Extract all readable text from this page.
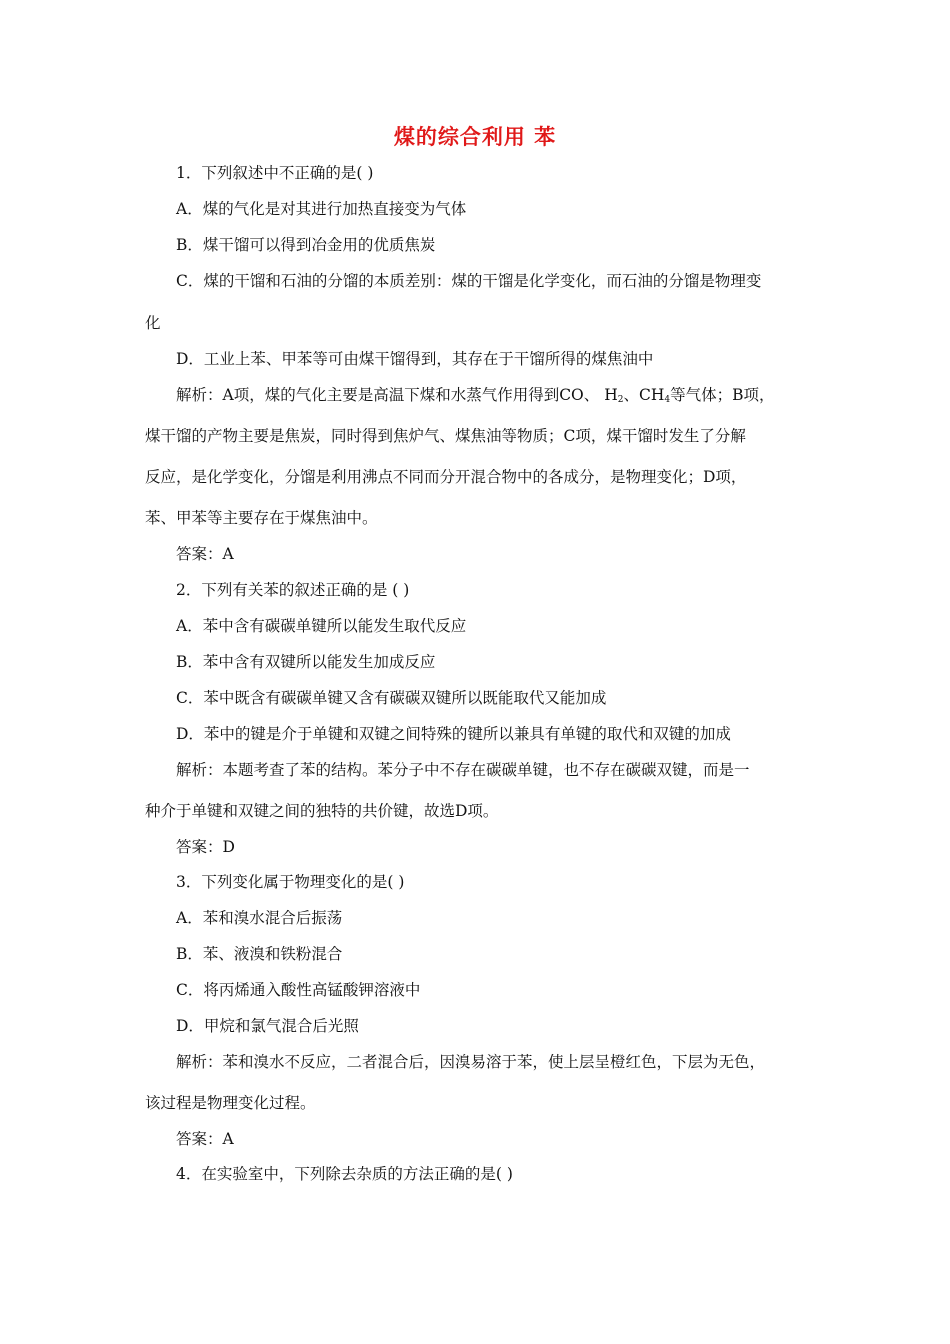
煤的综合利用 苯
1．下列叙述中不正确的是( )
A．煤的气化是对其进行加热直接变为气体
B．煤干馏可以得到冶金用的优质焦炭
C．煤的干馏和石油的分馏的本质差别：煤的干馏是化学变化，而石油的分馏是物理变
化
D．工业上苯、甲苯等可由煤干馏得到，其存在于干馏所得的煤焦油中
解析：A项，煤的气化主要是高温下煤和水蒸气作用得到CO、 $H_2$、$CH_4$等气体；B项，
煤干馏的产物主要是焦炭，同时得到焦炉气、煤焦油等物质；C项，煤干馏时发生了分解
反应，是化学变化，分馏是利用沸点不同而分开混合物中的各成分，是物理变化；D项，
苯、甲苯等主要存在于煤焦油中。
答案：A
2．下列有关苯的叙述正确的是 ( )
A．苯中含有碳碳单键所以能发生取代反应
B．苯中含有双键所以能发生加成反应
C．苯中既含有碳碳单键又含有碳碳双键所以既能取代又能加成
D．苯中的键是介于单键和双键之间特殊的键所以兼具有单键的取代和双键的加成
解析：本题考查了苯的结构。苯分子中不存在碳碳单键，也不存在碳碳双键，而是一
种介于单键和双键之间的独特的共价键，故选D项。
答案：D
3．下列变化属于物理变化的是( )
A．苯和溴水混合后振荡
B．苯、液溴和铁粉混合
C．将丙烯通入酸性高锰酸钾溶液中
D．甲烷和氯气混合后光照
解析：苯和溴水不反应，二者混合后，因溴易溶于苯，使上层呈橙红色，下层为无色，
该过程是物理变化过程。
答案：A
4．在实验室中，下列除去杂质的方法正确的是( )
